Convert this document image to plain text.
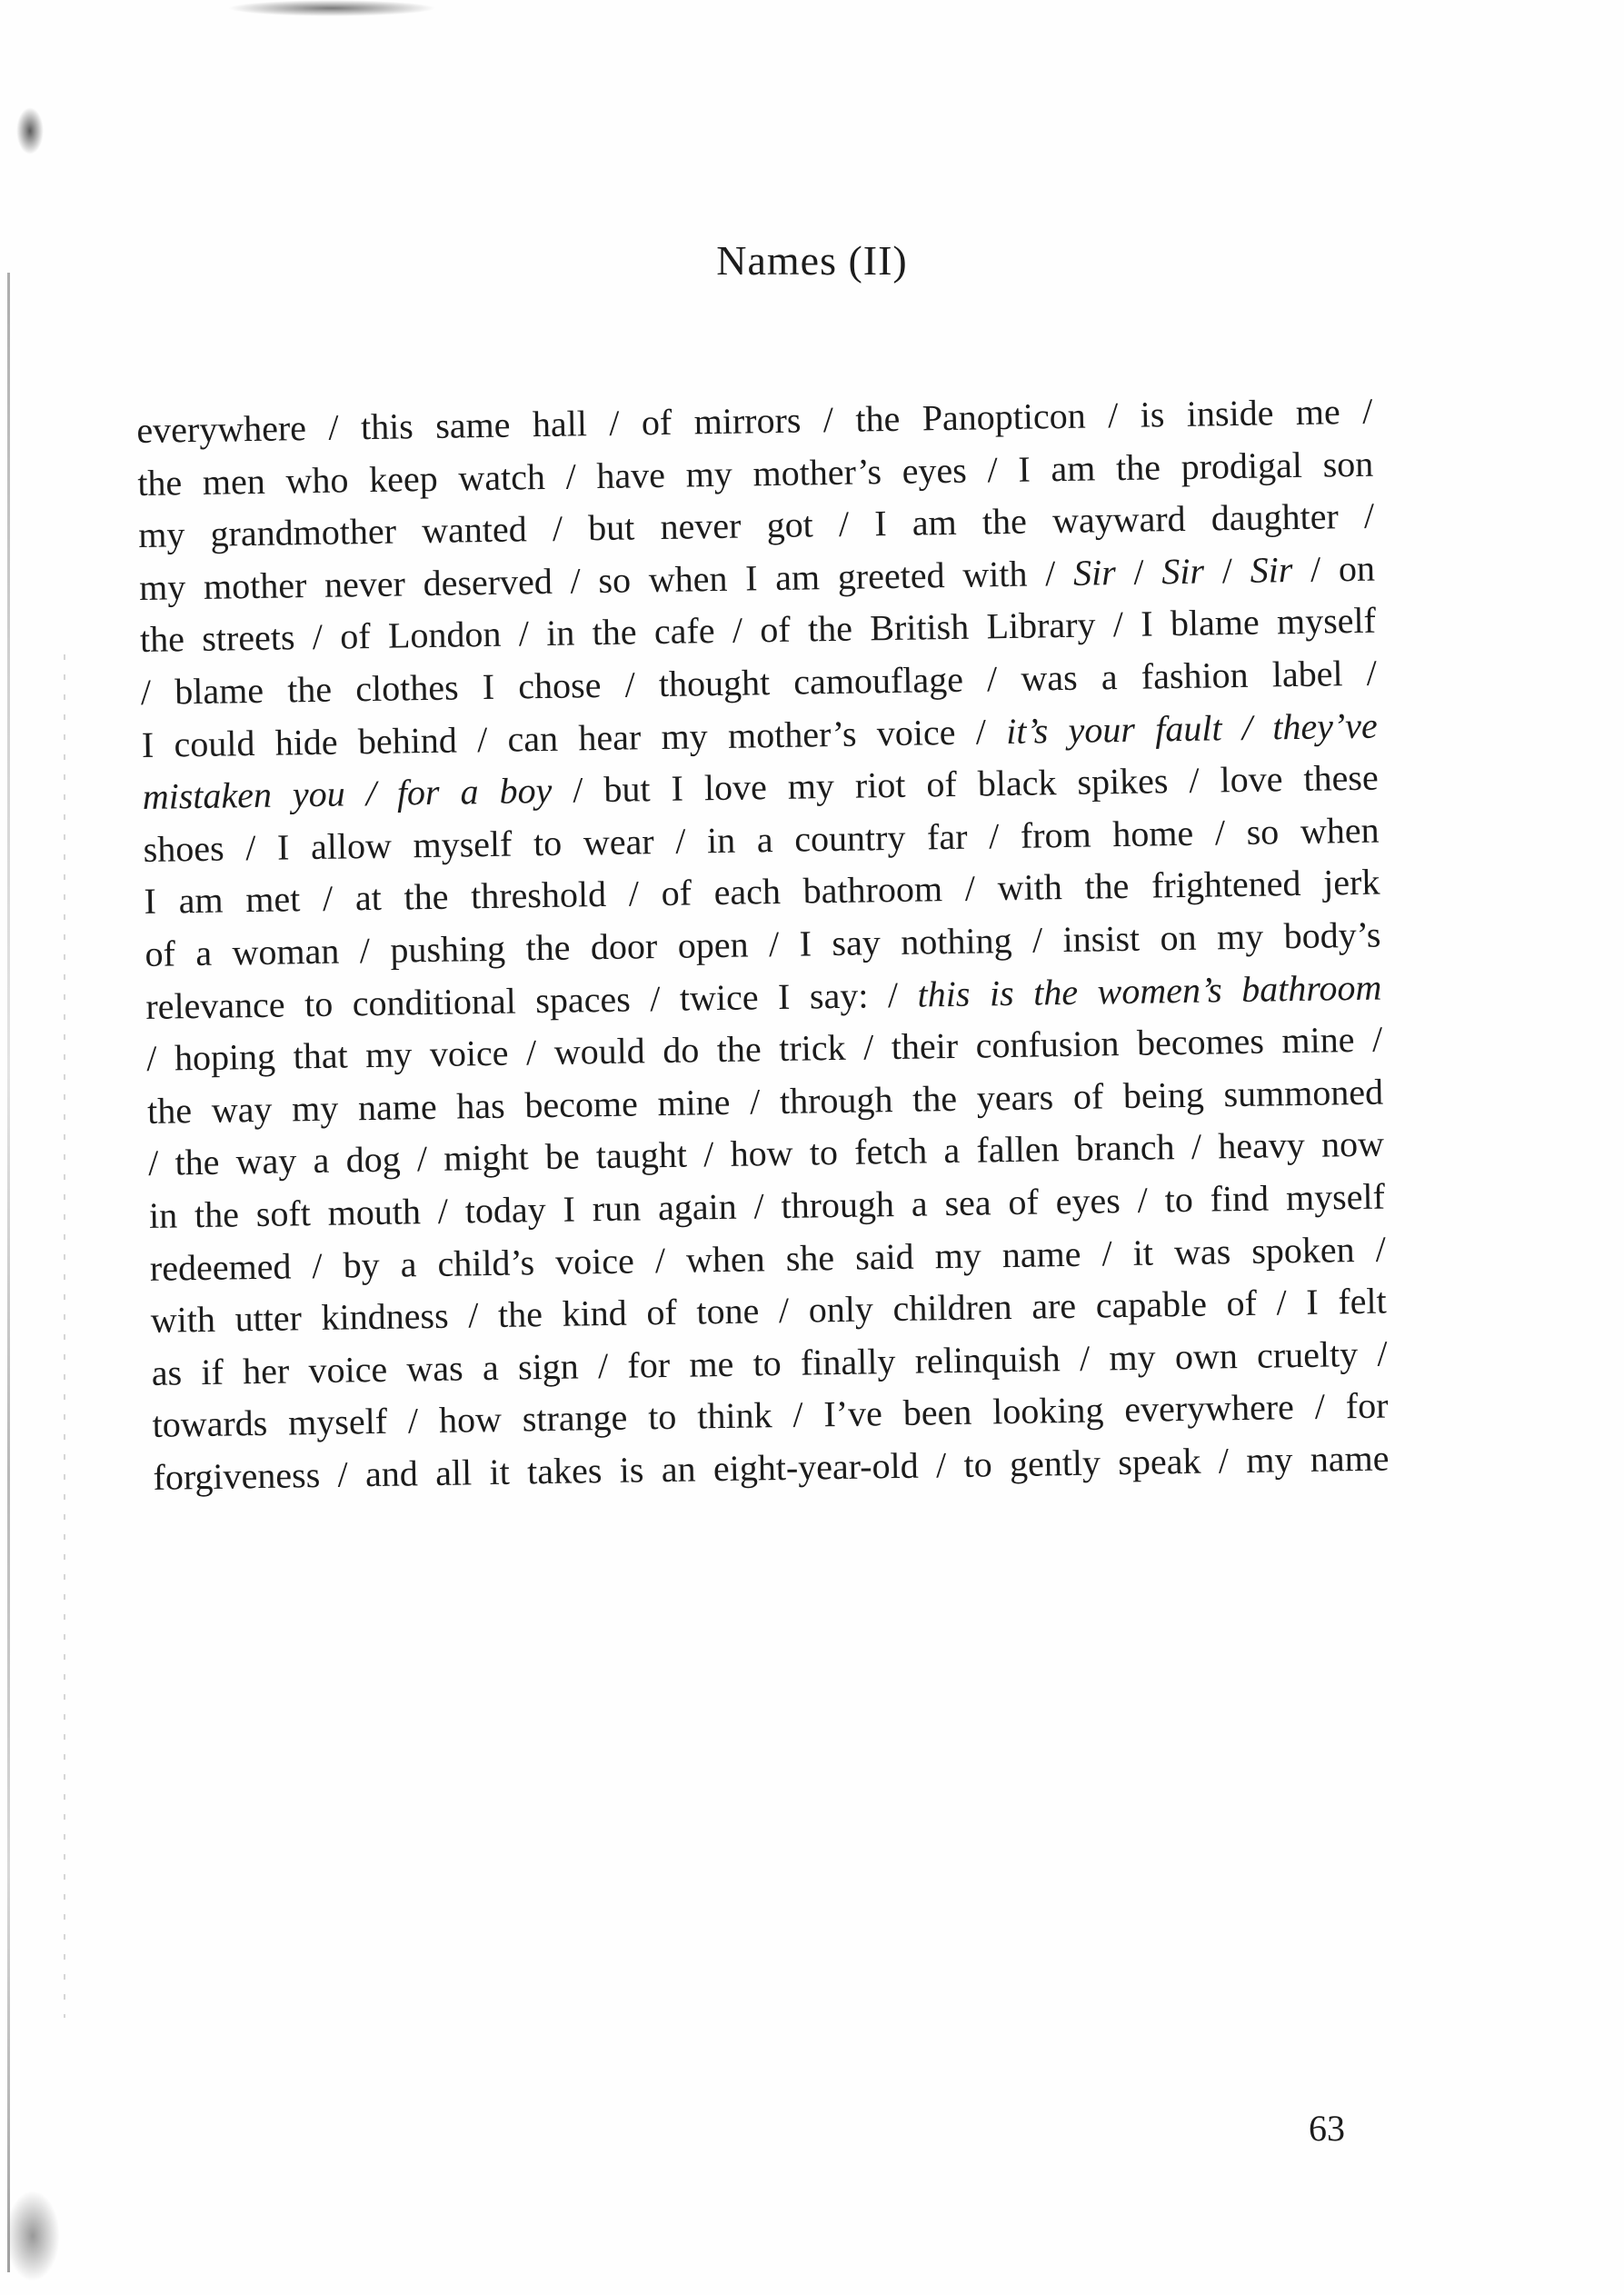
Names (II)
everywhere / this same hall / of mirrors / the Panopticon / is inside me /
the men who keep watch / have my mother’s eyes / I am the prodigal son
my grandmother wanted / but never got / I am the wayward daughter /
my mother never deserved / so when I am greeted with / Sir / Sir / Sir / on
the streets / of London / in the cafe / of the British Library / I blame myself
/ blame the clothes I chose / thought camouflage / was a fashion label /
I could hide behind / can hear my mother’s voice / it’s your fault / they’ve
mistaken you / for a boy / but I love my riot of black spikes / love these
shoes / I allow myself to wear / in a country far / from home / so when
I am met / at the threshold / of each bathroom / with the frightened jerk
of a woman / pushing the door open / I say nothing / insist on my body’s
relevance to conditional spaces / twice I say: / this is the women’s bathroom
/ hoping that my voice / would do the trick / their confusion becomes mine /
the way my name has become mine / through the years of being summoned
/ the way a dog / might be taught / how to fetch a fallen branch / heavy now
in the soft mouth / today I run again / through a sea of eyes / to find myself
redeemed / by a child’s voice / when she said my name / it was spoken /
with utter kindness / the kind of tone / only children are capable of / I felt
as if her voice was a sign / for me to finally relinquish / my own cruelty /
towards myself / how strange to think / I’ve been looking everywhere / for
forgiveness / and all it takes is an eight-year-old / to gently speak / my name
63
